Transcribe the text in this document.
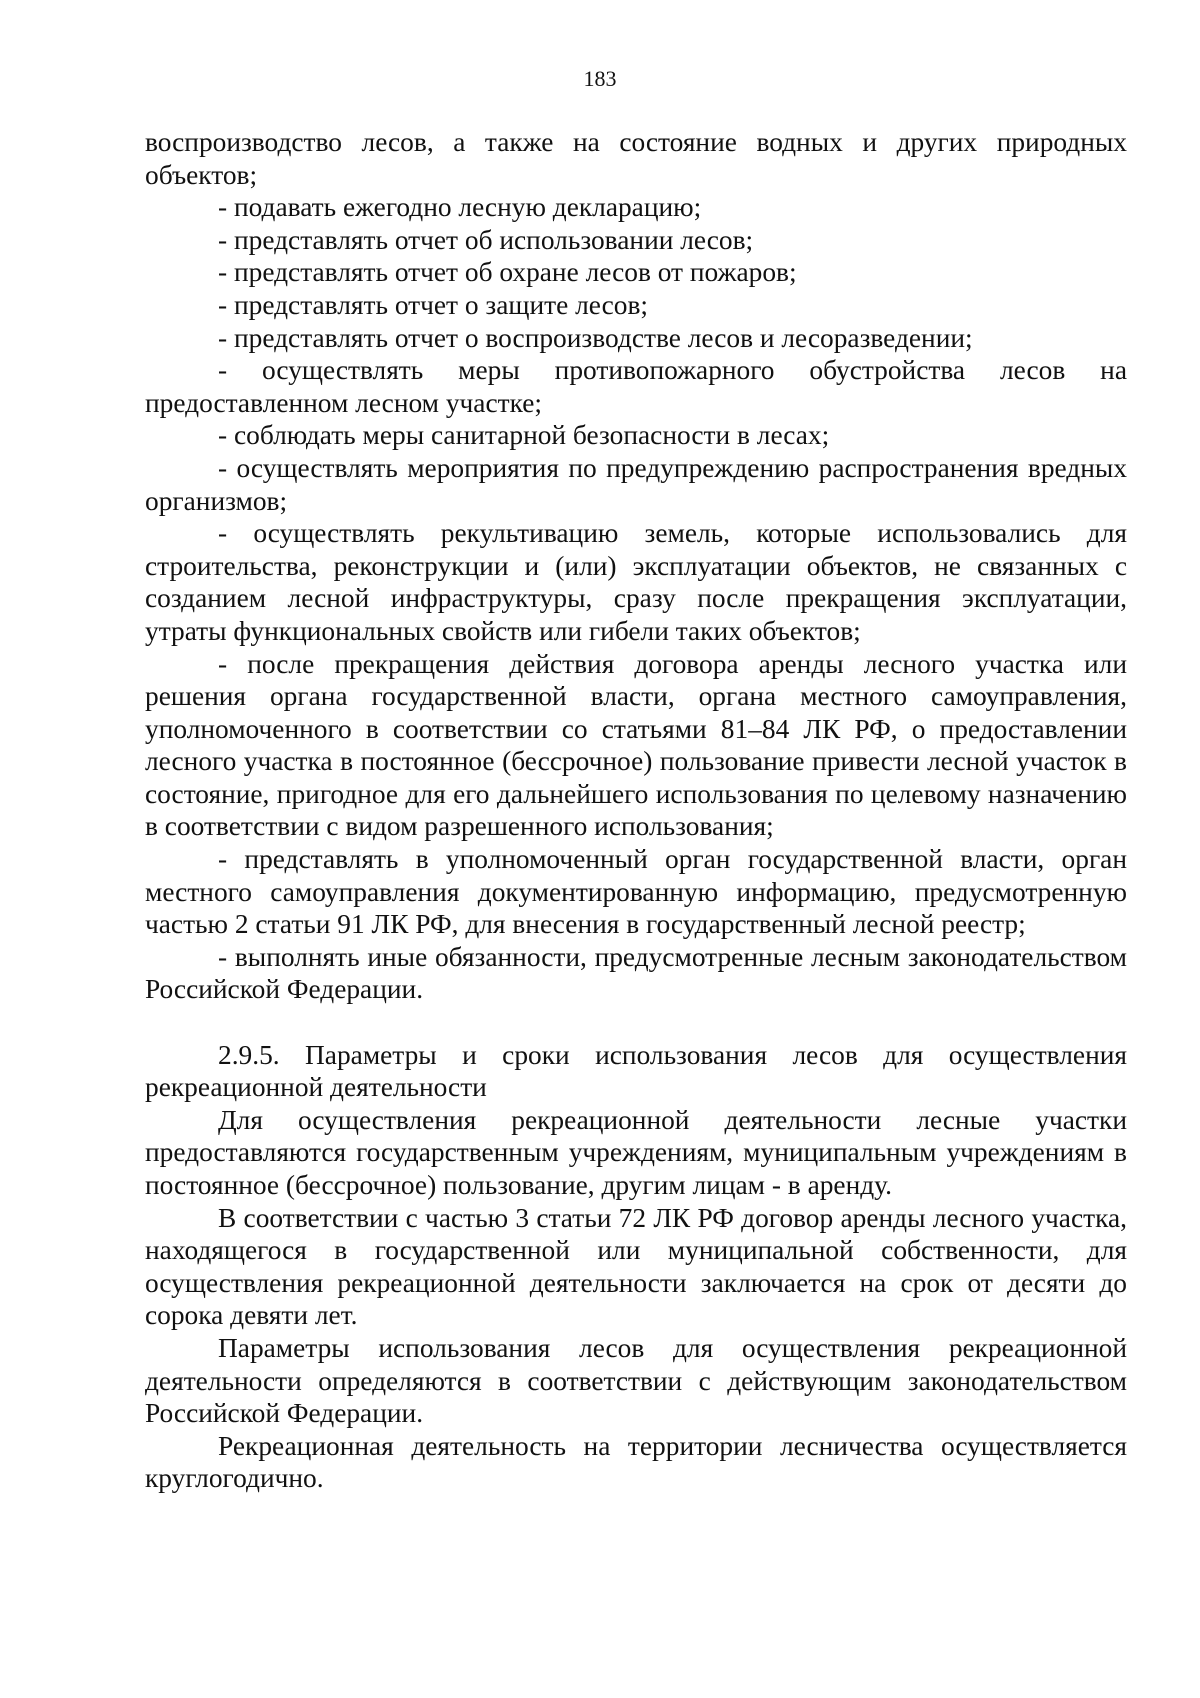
183

воспроизводство лесов, а также на состояние водных и других природных объектов;

- подавать ежегодно лесную декларацию;

- представлять отчет об использовании лесов;

- представлять отчет об охране лесов от пожаров;

- представлять отчет о защите лесов;

- представлять отчет о воспроизводстве лесов и лесоразведении;

- осуществлять меры противопожарного обустройства лесов на предоставленном лесном участке;

- соблюдать меры санитарной безопасности в лесах;

- осуществлять мероприятия по предупреждению распространения вредных организмов;

- осуществлять рекультивацию земель, которые использовались для строительства, реконструкции и (или) эксплуатации объектов, не связанных с созданием лесной инфраструктуры, сразу после прекращения эксплуатации, утраты функциональных свойств или гибели таких объектов;

- после прекращения действия договора аренды лесного участка или решения органа государственной власти, органа местного самоуправления, уполномоченного в соответствии со статьями 81–84 ЛК РФ, о предоставлении лесного участка в постоянное (бессрочное) пользование привести лесной участок в состояние, пригодное для его дальнейшего использования по целевому назначению в соответствии с видом разрешенного использования;

- представлять в уполномоченный орган государственной власти, орган местного самоуправления документированную информацию, предусмотренную частью 2 статьи 91 ЛК РФ, для внесения в государственный лесной реестр;

- выполнять иные обязанности, предусмотренные лесным законодательством Российской Федерации.

2.9.5. Параметры и сроки использования лесов для осуществления рекреационной деятельности

Для осуществления рекреационной деятельности лесные участки предоставляются государственным учреждениям, муниципальным учреждениям в постоянное (бессрочное) пользование, другим лицам - в аренду.

В соответствии с частью 3 статьи 72 ЛК РФ договор аренды лесного участка, находящегося в государственной или муниципальной собственности, для осуществления рекреационной деятельности заключается на срок от десяти до сорока девяти лет.

Параметры использования лесов для осуществления рекреационной деятельности определяются в соответствии с действующим законодательством Российской Федерации.

Рекреационная деятельность на территории лесничества осуществляется круглогодично.
